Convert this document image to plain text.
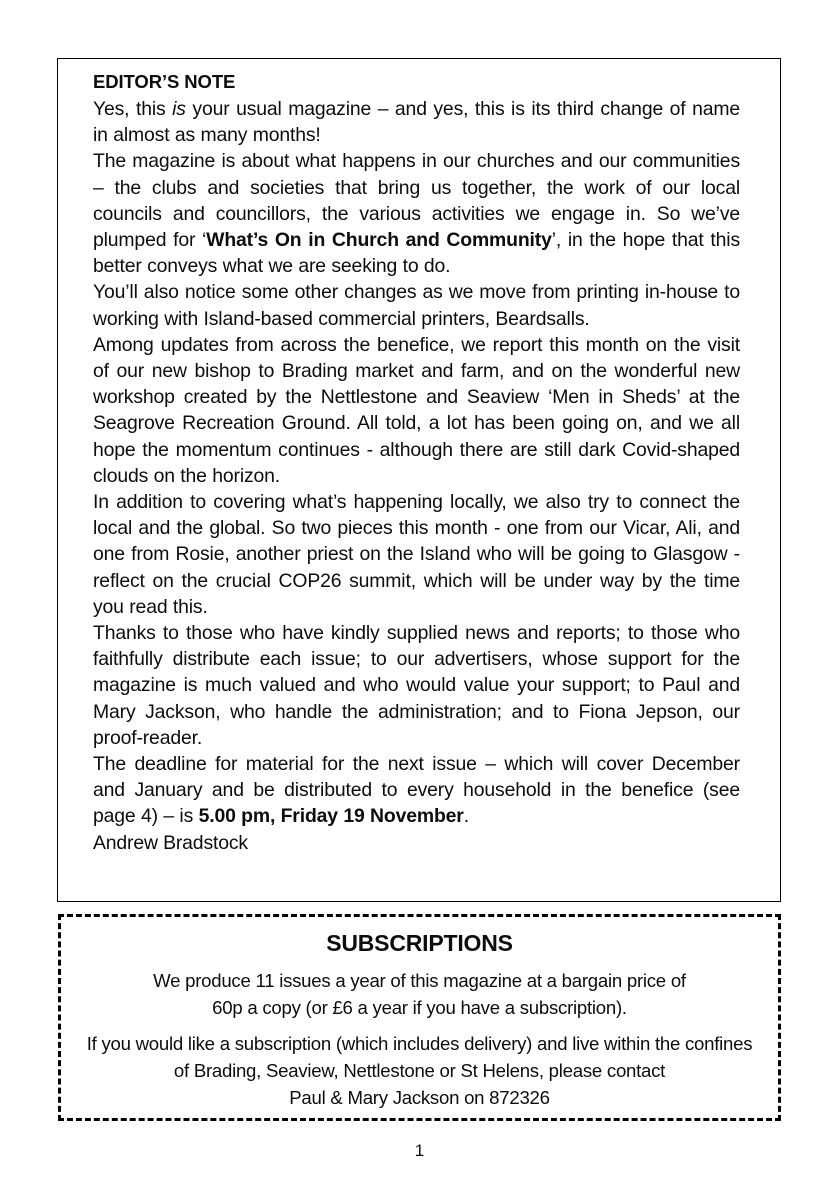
EDITOR’S NOTE

Yes, this is your usual magazine – and yes, this is its third change of name in almost as many months!

The magazine is about what happens in our churches and our communities – the clubs and societies that bring us together, the work of our local councils and councillors, the various activities we engage in. So we’ve plumped for ‘What’s On in Church and Community’, in the hope that this better conveys what we are seeking to do.

You’ll also notice some other changes as we move from printing in-house to working with Island-based commercial printers, Beardsalls.

Among updates from across the benefice, we report this month on the visit of our new bishop to Brading market and farm, and on the wonderful new workshop created by the Nettlestone and Seaview ‘Men in Sheds’ at the Seagrove Recreation Ground. All told, a lot has been going on, and we all hope the momentum continues - although there are still dark Covid-shaped clouds on the horizon.

In addition to covering what’s happening locally, we also try to connect the local and the global. So two pieces this month - one from our Vicar, Ali, and one from Rosie, another priest on the Island who will be going to Glasgow - reflect on the crucial COP26 summit, which will be under way by the time you read this.

Thanks to those who have kindly supplied news and reports; to those who faithfully distribute each issue; to our advertisers, whose support for the magazine is much valued and who would value your support; to Paul and Mary Jackson, who handle the administration; and to Fiona Jepson, our proof-reader.

The deadline for material for the next issue – which will cover December and January and be distributed to every household in the benefice (see page 4) – is 5.00 pm, Friday 19 November.

Andrew Bradstock
SUBSCRIPTIONS
We produce 11 issues a year of this magazine at a bargain price of
60p a copy (or £6 a year if you have a subscription).
If you would like a subscription (which includes delivery) and live within the confines
of Brading, Seaview, Nettlestone or St Helens, please contact
Paul & Mary Jackson on 872326
1
